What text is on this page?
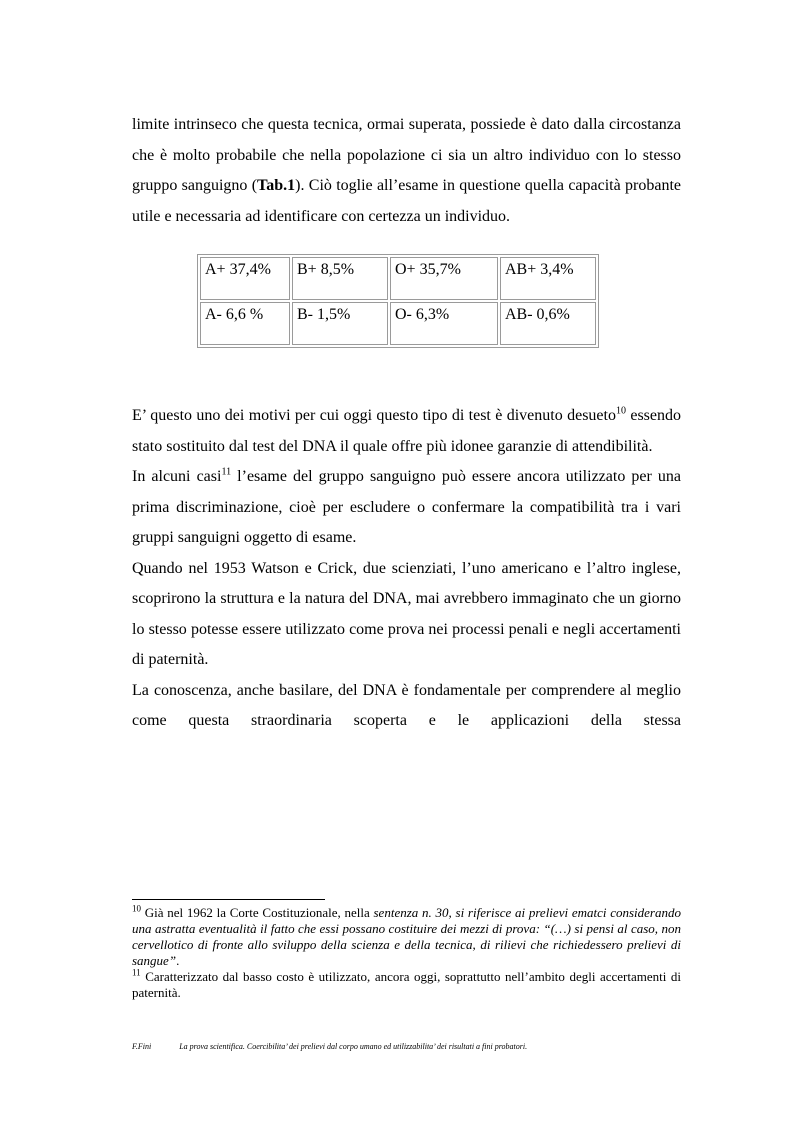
limite intrinseco che questa tecnica, ormai superata, possiede è dato dalla circostanza che è molto probabile che nella popolazione ci sia un altro individuo con lo stesso gruppo sanguigno (Tab.1). Ciò toglie all’esame in questione quella capacità probante utile e necessaria ad identificare con certezza un individuo.

A+ 37,4%	B+ 8,5%	O+ 35,7%	AB+ 3,4%
A- 6,6 %	B- 1,5%	O- 6,3%	AB- 0,6%

E’ questo uno dei motivi per cui oggi questo tipo di test è divenuto desueto$^{10}$ essendo stato sostituito dal test del DNA il quale offre più idonee garanzie di attendibilità.

In alcuni casi$^{11}$ l’esame del gruppo sanguigno può essere ancora utilizzato per una prima discriminazione, cioè per escludere o confermare la compatibilità tra i vari gruppi sanguigni oggetto di esame.

Quando nel 1953 Watson e Crick, due scienziati, l’uno americano e l’altro inglese, scoprirono la struttura e la natura del DNA, mai avrebbero immaginato che un giorno lo stesso potesse essere utilizzato come prova nei processi penali e negli accertamenti di paternità.

La conoscenza, anche basilare, del DNA è fondamentale per comprendere al meglio come questa straordinaria scoperta e le applicazioni della stessa

$^{10}$ Già nel 1962 la Corte Costituzionale, nella sentenza n. 30, si riferisce ai prelievi ematci considerando una astratta eventualità il fatto che essi possano costituire dei mezzi di prova: “(…) si pensi al caso, non cervellotico di fronte allo sviluppo della scienza e della tecnica, di rilievi che richiedessero prelievi di sangue”.

$^{11}$ Caratterizzato dal basso costo è utilizzato, ancora oggi, soprattutto nell’ambito degli accertamenti di paternità.

F.Fini	La prova scientifica. Coercibilita’ dei prelievi dal corpo umano ed utilizzabilita’ dei risultati a fini probatori.
